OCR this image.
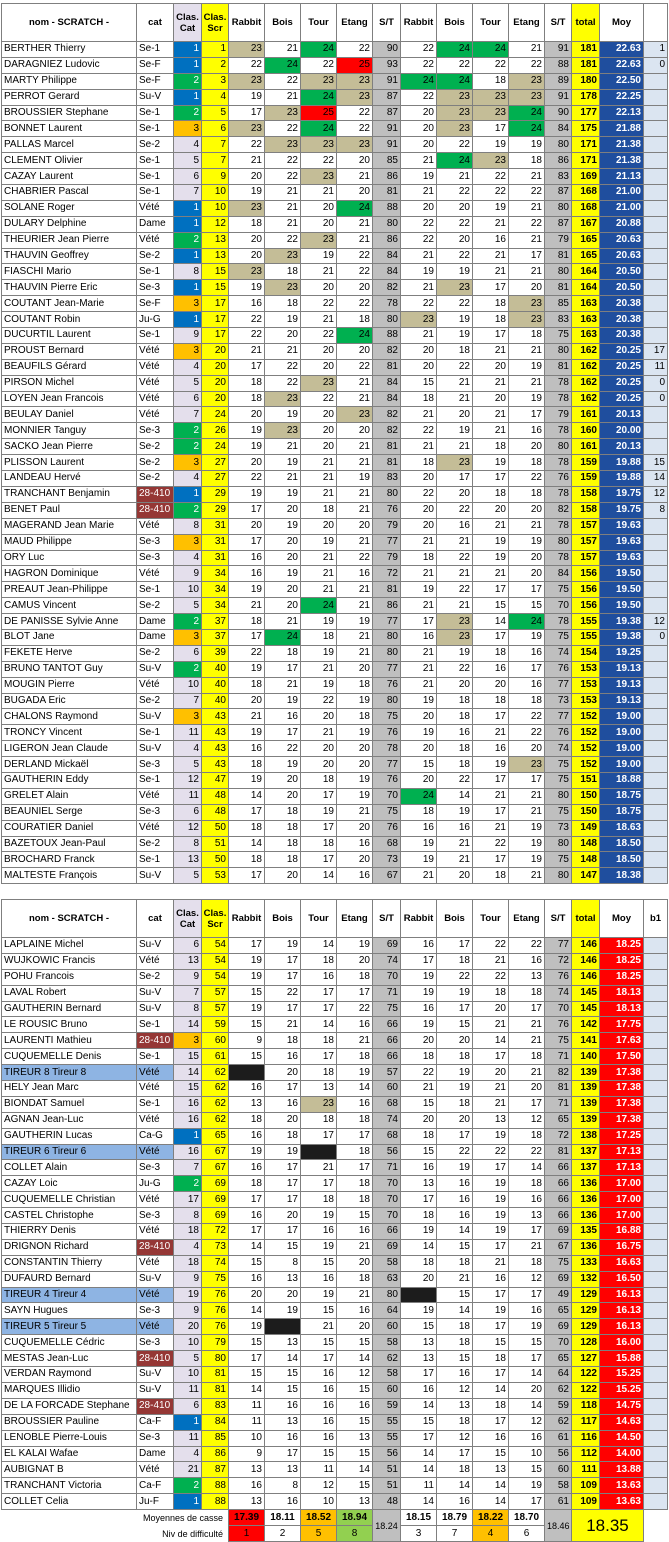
nom - SCRATCH -	cat	Clas. Cat	Clas. Scr	Rabbit	Bois	Tour	Etang	S/T	Rabbit	Bois	Tour	Etang	S/T	total	Moy	
BERTHER Thierry	Se-1	1	1	23	21	24	22	90	22	24	24	21	91	181	22.63	1
DARAGNIEZ Ludovic	Se-F	1	2	22	24	22	25	93	22	22	22	22	88	181	22.63	0
MARTY Philippe	Se-F	2	3	23	22	23	23	91	24	24	18	23	89	180	22.50	
PERROT Gerard	Su-V	1	4	19	21	24	23	87	22	23	23	23	91	178	22.25	
BROUSSIER Stephane	Se-1	2	5	17	23	25	22	87	20	23	23	24	90	177	22.13	
BONNET Laurent	Se-1	3	6	23	22	24	22	91	20	23	17	24	84	175	21.88	
PALLAS Marcel	Se-2	4	7	22	23	23	23	91	20	22	19	19	80	171	21.38	
CLEMENT Olivier	Se-1	5	7	21	22	22	20	85	21	24	23	18	86	171	21.38	
CAZAY Laurent	Se-1	6	9	20	22	23	21	86	19	21	22	21	83	169	21.13	
CHABRIER Pascal	Se-1	7	10	19	21	21	20	81	21	22	22	22	87	168	21.00	
SOLANE Roger	Vété	1	10	23	21	20	24	88	20	20	19	21	80	168	21.00	
DULARY Delphine	Dame	1	12	18	21	20	21	80	22	22	21	22	87	167	20.88	
THEURIER Jean Pierre	Vété	2	13	20	22	23	21	86	22	20	16	21	79	165	20.63	
THAUVIN Geoffrey	Se-2	1	13	20	23	19	22	84	21	22	21	17	81	165	20.63	
FIASCHI Mario	Se-1	8	15	23	18	21	22	84	19	19	21	21	80	164	20.50	
THAUVIN Pierre Eric	Se-3	1	15	19	23	20	20	82	21	23	17	20	81	164	20.50	
COUTANT Jean-Marie	Se-F	3	17	16	18	22	22	78	22	22	18	23	85	163	20.38	
COUTANT Robin	Ju-G	1	17	22	19	21	18	80	23	19	18	23	83	163	20.38	
DUCURTIL Laurent	Se-1	9	17	22	20	22	24	88	21	19	17	18	75	163	20.38	
PROUST Bernard	Vété	3	20	21	21	20	20	82	20	18	21	21	80	162	20.25	17
BEAUFILS Gérard	Vété	4	20	17	22	20	22	81	20	22	20	19	81	162	20.25	11
PIRSON Michel	Vété	5	20	18	22	23	21	84	15	21	21	21	78	162	20.25	0
LOYEN Jean Francois	Vété	6	20	18	23	22	21	84	18	21	20	19	78	162	20.25	0
BEULAY Daniel	Vété	7	24	20	19	20	23	82	21	20	21	17	79	161	20.13	
MONNIER Tanguy	Se-3	2	26	19	23	20	20	82	22	19	21	16	78	160	20.00	
SACKO Jean Pierre	Se-2	2	24	19	21	20	21	81	21	21	18	20	80	161	20.13	
PLISSON Laurent	Se-2	3	27	20	19	21	21	81	18	23	19	18	78	159	19.88	15
LANDEAU Hervé	Se-2	4	27	22	21	21	19	83	20	17	17	22	76	159	19.88	14
TRANCHANT Benjamin	28-410	1	29	19	19	21	21	80	22	20	18	18	78	158	19.75	12
BENET Paul	28-410	2	29	17	20	18	21	76	20	22	20	20	82	158	19.75	8
MAGERAND Jean Marie	Vété	8	31	20	19	20	20	79	20	16	21	21	78	157	19.63	
MAUD Philippe	Se-3	3	31	17	20	19	21	77	21	21	19	19	80	157	19.63	
ORY Luc	Se-3	4	31	16	20	21	22	79	18	22	19	20	78	157	19.63	
HAGRON Dominique	Vété	9	34	16	19	21	16	72	21	21	21	20	84	156	19.50	
PREAUT Jean-Philippe	Se-1	10	34	19	20	21	21	81	19	22	17	17	75	156	19.50	
CAMUS Vincent	Se-2	5	34	21	20	24	21	86	21	21	15	15	70	156	19.50	
DE PANISSE Sylvie Anne	Dame	2	37	18	21	19	19	77	17	23	14	24	78	155	19.38	12
BLOT Jane	Dame	3	37	17	24	18	21	80	16	23	17	19	75	155	19.38	0
FEKETE Herve	Se-2	6	39	22	18	19	21	80	21	19	18	16	74	154	19.25	
BRUNO TANTOT Guy	Su-V	2	40	19	17	21	20	77	21	22	16	17	76	153	19.13	
MOUGIN Pierre	Vété	10	40	18	21	19	18	76	21	20	20	16	77	153	19.13	
BUGADA Eric	Se-2	7	40	20	19	22	19	80	19	18	18	18	73	153	19.13	
CHALONS Raymond	Su-V	3	43	21	16	20	18	75	20	18	17	22	77	152	19.00	
TRONCY Vincent	Se-1	11	43	19	17	21	19	76	19	16	21	22	76	152	19.00	
LIGERON Jean Claude	Su-V	4	43	16	22	20	20	78	20	18	16	20	74	152	19.00	
DERLAND Mickaël	Se-3	5	43	18	19	20	20	77	15	18	19	23	75	152	19.00	
GAUTHERIN Eddy	Se-1	12	47	19	20	18	19	76	20	22	17	17	75	151	18.88	
GRELET Alain	Vété	11	48	14	20	17	19	70	24	14	21	21	80	150	18.75	
BEAUNIEL Serge	Se-3	6	48	17	18	19	21	75	18	19	17	21	75	150	18.75	
COURATIER Daniel	Vété	12	50	18	18	17	20	76	16	16	21	19	73	149	18.63	
BAZETOUX Jean-Paul	Se-2	8	51	14	18	18	16	68	19	21	22	19	80	148	18.50	
BROCHARD Franck	Se-1	13	50	18	18	17	20	73	19	21	17	19	75	148	18.50	
MALTESTE François	Su-V	5	53	17	20	14	16	67	21	20	18	21	80	147	18.38	
nom - SCRATCH -	cat	Clas. Cat	Clas. Scr	Rabbit	Bois	Tour	Etang	S/T	Rabbit	Bois	Tour	Etang	S/T	total	Moy	b1
LAPLAINE Michel	Su-V	6	54	17	19	14	19	69	16	17	22	22	77	146	18.25	
WUJKOWIC Francis	Vété	13	54	19	17	18	20	74	17	18	21	16	72	146	18.25	
POHU Francois	Se-2	9	54	19	17	16	18	70	19	22	22	13	76	146	18.25	
LAVAL Robert	Su-V	7	57	15	22	17	17	71	19	19	18	18	74	145	18.13	
GAUTHERIN Bernard	Su-V	8	57	19	17	17	22	75	16	17	20	17	70	145	18.13	
LE ROUSIC Bruno	Se-1	14	59	15	21	14	16	66	19	15	21	21	76	142	17.75	
LAURENTI Mathieu	28-410	3	60	9	18	18	21	66	20	20	14	21	75	141	17.63	
CUQUEMELLE Denis	Se-1	15	61	15	16	17	18	66	18	18	17	18	71	140	17.50	
TIREUR 8 Tireur 8	Vété	14	62		20	18	19	57	22	19	20	21	82	139	17.38	
HELY Jean Marc	Vété	15	62	16	17	13	14	60	21	19	21	20	81	139	17.38	
BIONDAT Samuel	Se-1	16	62	13	16	23	16	68	15	18	21	17	71	139	17.38	
AGNAN Jean-Luc	Vété	16	62	18	20	18	18	74	20	20	13	12	65	139	17.38	
GAUTHERIN Lucas	Ca-G	1	65	16	18	17	17	68	18	17	19	18	72	138	17.25	
TIREUR 6 Tireur 6	Vété	16	67	19	19		18	56	15	22	22	22	81	137	17.13	
COLLET Alain	Se-3	7	67	16	17	21	17	71	16	19	17	14	66	137	17.13	
CAZAY Loic	Ju-G	2	69	18	17	17	18	70	13	16	19	18	66	136	17.00	
CUQUEMELLE Christian	Vété	17	69	17	17	18	18	70	17	16	19	16	66	136	17.00	
CASTEL Christophe	Se-3	8	69	16	20	19	15	70	18	16	19	13	66	136	17.00	
THIERRY Denis	Vété	18	72	17	17	16	16	66	19	14	19	17	69	135	16.88	
DRIGNON Richard	28-410	4	73	14	15	19	21	69	14	15	17	21	67	136	16.75	
CONSTANTIN Thierry	Vété	18	74	15	8	15	20	58	18	18	21	18	75	133	16.63	
DUFAURD Bernard	Su-V	9	75	16	13	16	18	63	20	21	16	12	69	132	16.50	
TIREUR 4 Tireur 4	Vété	19	76	20	20	19	21	80		15	17	17	49	129	16.13	
SAYN Hugues	Se-3	9	76	14	19	15	16	64	19	14	19	16	65	129	16.13	
TIREUR 5 Tireur 5	Vété	20	76	19		21	20	60	15	18	17	19	69	129	16.13	
CUQUEMELLE Cédric	Se-3	10	79	15	13	15	15	58	13	18	15	15	70	128	16.00	
MESTAS Jean-Luc	28-410	5	80	17	14	17	14	62	13	15	18	17	65	127	15.88	
VERDAN Raymond	Su-V	10	81	15	15	16	12	58	17	16	17	14	64	122	15.25	
MARQUES Illidio	Su-V	11	81	14	15	16	15	60	16	12	14	20	62	122	15.25	
DE LA FORCADE Stephane	28-410	6	83	11	16	16	16	59	14	13	18	14	59	118	14.75	
BROUSSIER Pauline	Ca-F	1	84	11	13	16	15	55	15	18	17	12	62	117	14.63	
LENOBLE Pierre-Louis	Se-3	11	85	10	16	16	13	55	17	12	16	16	61	116	14.50	
EL KALAI Wafae	Dame	4	86	9	17	15	15	56	14	17	15	10	56	112	14.00	
AUBIGNAT B	Vété	21	87	13	13	11	14	51	14	18	13	15	60	111	13.88	
TRANCHANT Victoria	Ca-F	2	88	16	8	12	15	51	11	14	14	19	58	109	13.63	
COLLET Celia	Ju-F	1	88	13	16	10	13	48	14	16	14	17	61	109	13.63	
Moyennes de casse				17.39	18.11	18.52	18.94	18.24	18.15	18.79	18.22	18.70	18.46	18.35		
Niv de difficulté				1	2	5	8		3	7	4	6				
